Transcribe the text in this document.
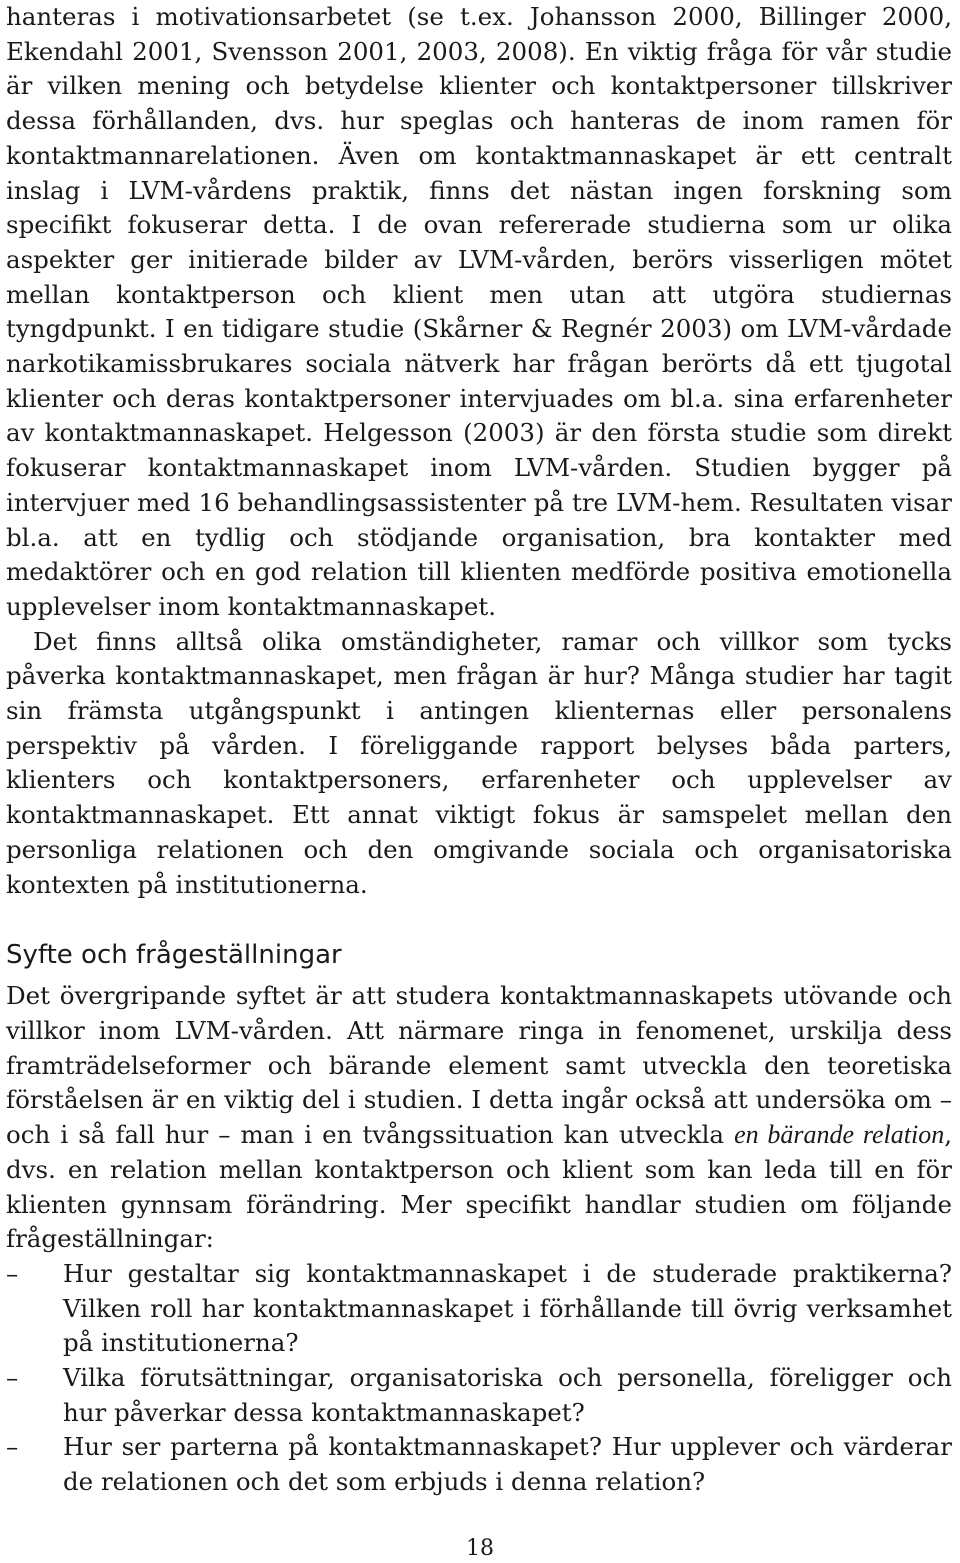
hanteras i motivationsarbetet (se t.ex. Johansson 2000, Billinger 2000, Ekendahl 2001, Svensson 2001, 2003, 2008). En viktig fråga för vår studie är vilken mening och betydelse klienter och kontaktpersoner tillskriver dessa förhållanden, dvs. hur speglas och hanteras de inom ramen för kontaktmannarelationen. Även om kontaktmannaskapet är ett centralt inslag i LVM-vårdens praktik, finns det nästan ingen forskning som specifikt fokuserar detta. I de ovan refererade studierna som ur olika aspekter ger initierade bilder av LVM-vården, berörs visserligen mötet mellan kontaktperson och klient men utan att utgöra studiernas tyngdpunkt. I en tidigare studie (Skårner & Regnér 2003) om LVM-vårdade narkotikamissbrukares sociala nätverk har frågan berörts då ett tjugotal klienter och deras kontaktpersoner intervjuades om bl.a. sina erfarenheter av kontaktmannaskapet. Helgesson (2003) är den första studie som direkt fokuserar kontaktmannaskapet inom LVM-vården. Studien bygger på intervjuer med 16 behandlingsassistenter på tre LVM-hem. Resultaten visar bl.a. att en tydlig och stödjande organisation, bra kontakter med medaktörer och en god relation till klienten medförde positiva emotionella upplevelser inom kontaktmannaskapet.

Det finns alltså olika omständigheter, ramar och villkor som tycks påverka kontaktmannaskapet, men frågan är hur? Många studier har tagit sin främsta utgångspunkt i antingen klienternas eller personalens perspektiv på vården. I föreliggande rapport belyses båda parters, klienters och kontaktpersoners, erfarenheter och upplevelser av kontaktmannaskapet. Ett annat viktigt fokus är samspelet mellan den personliga relationen och den omgivande sociala och organisatoriska kontexten på institutionerna.

Syfte och frågeställningar

Det övergripande syftet är att studera kontaktmannaskapets utövande och villkor inom LVM-vården. Att närmare ringa in fenomenet, urskilja dess framträdelseformer och bärande element samt utveckla den teoretiska förståelsen är en viktig del i studien. I detta ingår också att undersöka om – och i så fall hur – man i en tvångssituation kan utveckla en bärande relation, dvs. en relation mellan kontaktperson och klient som kan leda till en för klienten gynnsam förändring. Mer specifikt handlar studien om följande frågeställningar:

– Hur gestaltar sig kontaktmannaskapet i de studerade praktikerna? Vilken roll har kontaktmannaskapet i förhållande till övrig verksamhet på institutionerna?
– Vilka förutsättningar, organisatoriska och personella, föreligger och hur påverkar dessa kontaktmannaskapet?
– Hur ser parterna på kontaktmannaskapet? Hur upplever och värderar de relationen och det som erbjuds i denna relation?
18
